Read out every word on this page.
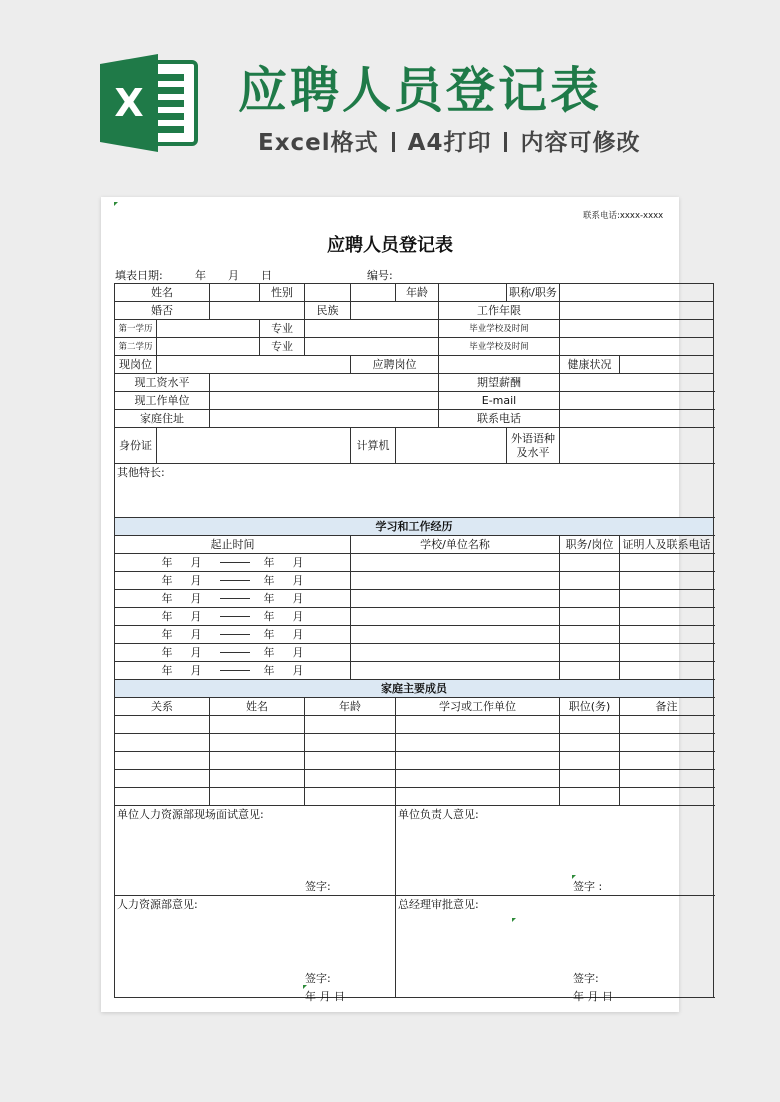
X 应聘人员登记表
Excel格式 A4打印 内容可修改
联系电话:xxxx-xxxx
应聘人员登记表
填表日期:	年 月 日	编号:
姓名			性别			年龄		职称/职务			
婚否				民族			工作年限				
第一学历			专业				毕业学校及时间				
第二学历			专业				毕业学校及时间				
现岗位					应聘岗位				健康状况		
现工资水平							期望薪酬				
现工作单位							E-mail				
家庭住址							联系电话				
身份证					计算机			外语语种
及水平			
其他特长:											
学习和工作经历											
起止时间					学校/单位名称				职务/岗位	证明人及联系电话	
年 月 年 月											
年 月 年 月											
年 月 年 月											
年 月 年 月											
年 月 年 月											
年 月 年 月											
年 月 年 月											
家庭主要成员											
关系		姓名		年龄		学习或工作单位			职位(务)	备注	

单位人力资源部现场面试意见:						单位负责人意见:					
人力资源部意见:						总经理审批意见:					
签字:	签字 :
签字:	签字:
年 月 日	年 月 日
